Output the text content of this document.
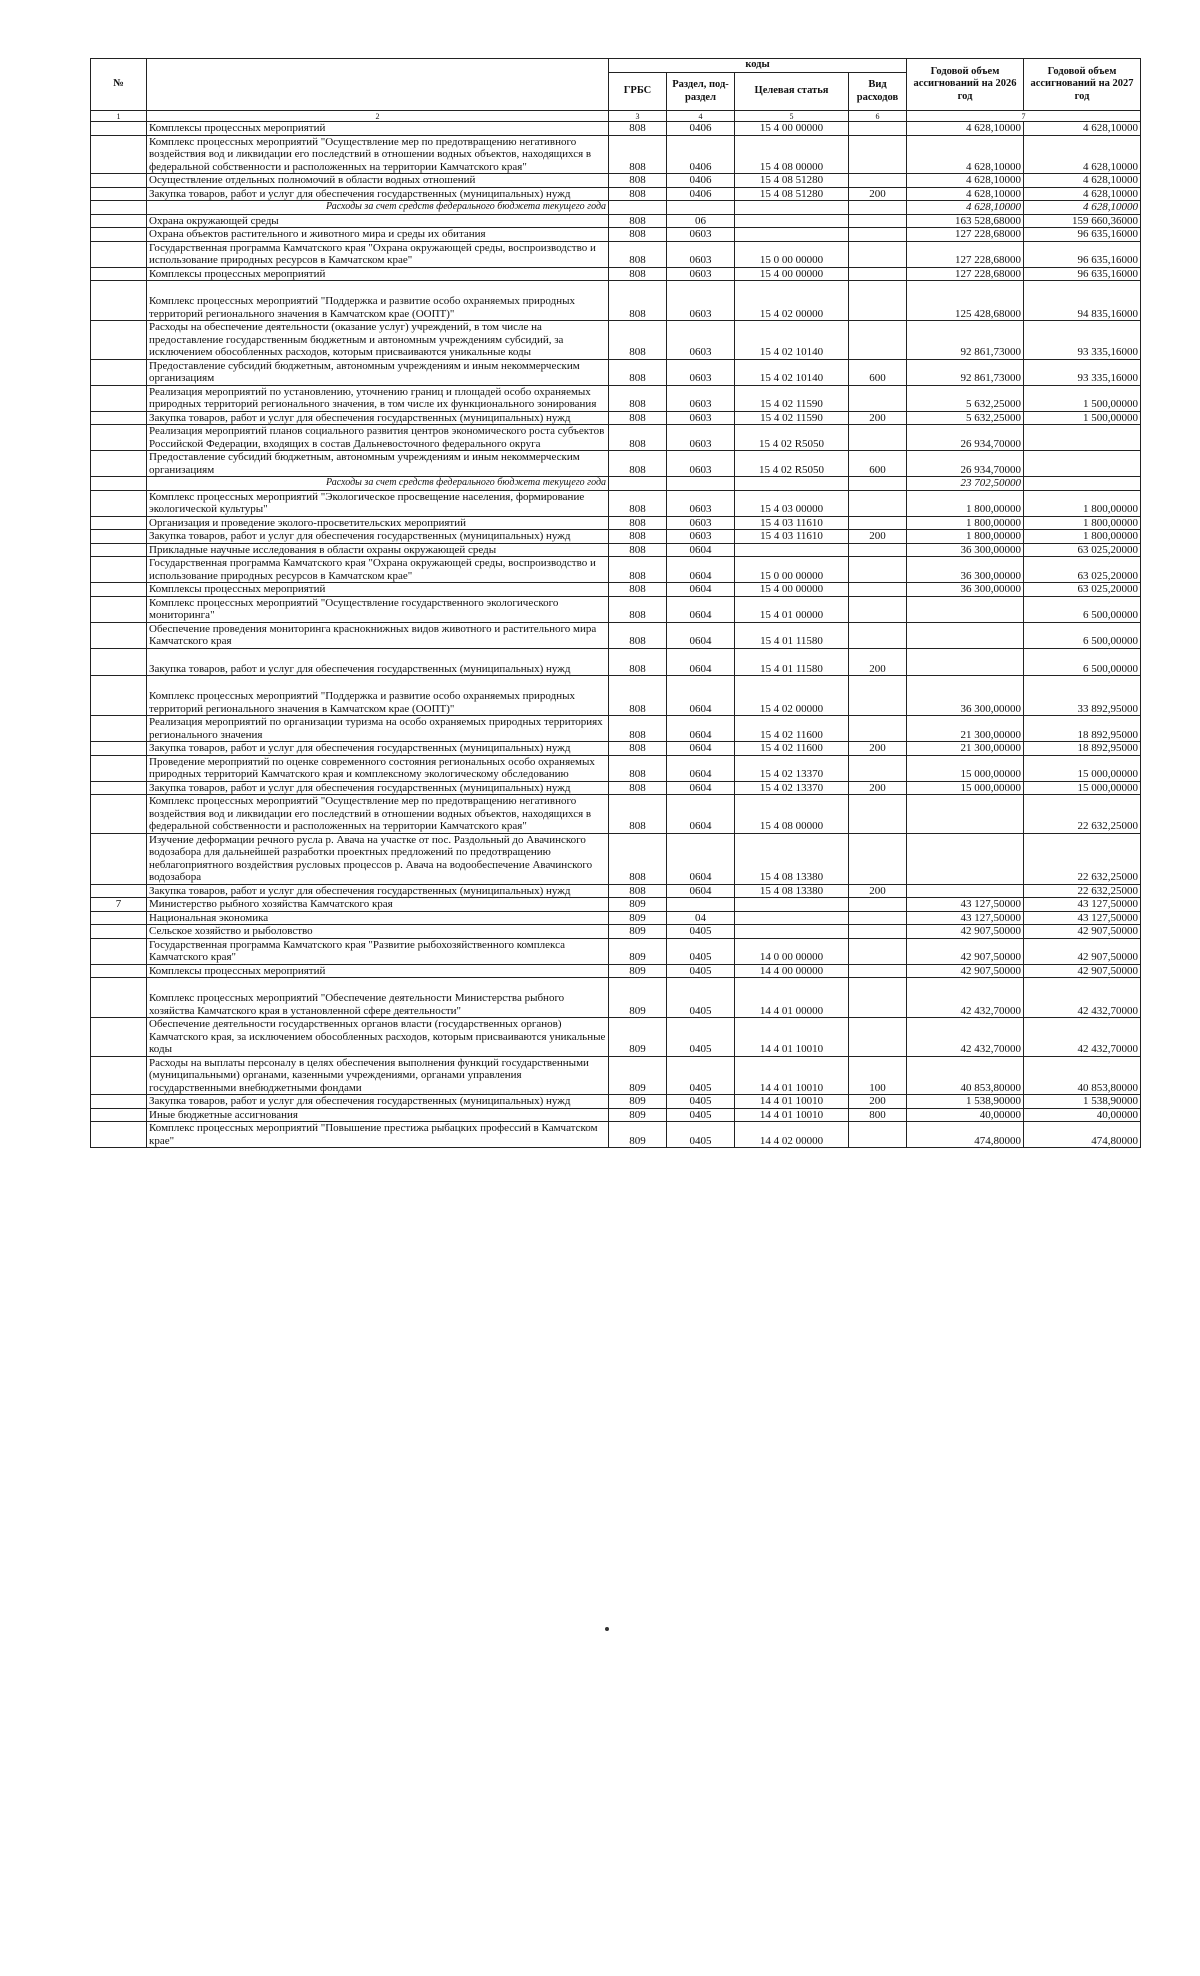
№		коды				Годовой объем ассигнований на 2026 год	Годовой объем ассигнований на 2027 год
		ГРБС	Раздел, под-раздел	Целевая статья	Вид расходов		
1	2	3	4	5	6	7	
	Комплексы процессных мероприятий	808	0406	15 4 00 00000		4 628,10000	4 628,10000
	Комплекс процессных мероприятий "Осуществление мер по предотвращению негативного воздействия вод и ликвидации его последствий в отношении водных объектов, находящихся в федеральной собственности и расположенных на территории Камчатского края"	808	0406	15 4 08 00000		4 628,10000	4 628,10000
	Осуществление отдельных полномочий в области водных отношений	808	0406	15 4 08 51280		4 628,10000	4 628,10000
	Закупка товаров, работ и услуг для обеспечения государственных (муниципальных) нужд	808	0406	15 4 08 51280	200	4 628,10000	4 628,10000
	Расходы за счет средств федерального бюджета текущего года					4 628,10000	4 628,10000
	Охрана окружающей среды	808	06			163 528,68000	159 660,36000
	Охрана объектов растительного и животного мира и среды их обитания	808	0603			127 228,68000	96 635,16000
	Государственная программа Камчатского края "Охрана окружающей среды, воспроизводство и использование природных ресурсов в Камчатском крае"	808	0603	15 0 00 00000		127 228,68000	96 635,16000
	Комплексы процессных мероприятий	808	0603	15 4 00 00000		127 228,68000	96 635,16000
	Комплекс процессных мероприятий "Поддержка и развитие особо охраняемых природных территорий регионального значения в Камчатском крае (ООПТ)"	808	0603	15 4 02 00000		125 428,68000	94 835,16000
	Расходы на обеспечение деятельности (оказание услуг) учреждений, в том числе на предоставление государственным бюджетным и автономным учреждениям субсидий, за исключением обособленных расходов, которым присваиваются уникальные коды	808	0603	15 4 02 10140		92 861,73000	93 335,16000
	Предоставление субсидий бюджетным, автономным учреждениям и иным некоммерческим организациям	808	0603	15 4 02 10140	600	92 861,73000	93 335,16000
	Реализация мероприятий по установлению, уточнению границ и площадей особо охраняемых природных территорий регионального значения, в том числе их функционального зонирования	808	0603	15 4 02 11590		5 632,25000	1 500,00000
	Закупка товаров, работ и услуг для обеспечения государственных (муниципальных) нужд	808	0603	15 4 02 11590	200	5 632,25000	1 500,00000
	Реализация мероприятий планов социального развития центров экономического роста субъектов Российской Федерации, входящих в состав Дальневосточного федерального округа	808	0603	15 4 02 R5050		26 934,70000	
	Предоставление субсидий бюджетным, автономным учреждениям и иным некоммерческим организациям	808	0603	15 4 02 R5050	600	26 934,70000	
	Расходы за счет средств федерального бюджета текущего года					23 702,50000	
	Комплекс процессных мероприятий "Экологическое просвещение населения, формирование экологической культуры"	808	0603	15 4 03 00000		1 800,00000	1 800,00000
	Организация и проведение эколого-просветительских мероприятий	808	0603	15 4 03 11610		1 800,00000	1 800,00000
	Закупка товаров, работ и услуг для обеспечения государственных (муниципальных) нужд	808	0603	15 4 03 11610	200	1 800,00000	1 800,00000
	Прикладные научные исследования в области охраны окружающей среды	808	0604			36 300,00000	63 025,20000
	Государственная программа Камчатского края "Охрана окружающей среды, воспроизводство и использование природных ресурсов в Камчатском крае"	808	0604	15 0 00 00000		36 300,00000	63 025,20000
	Комплексы процессных мероприятий	808	0604	15 4 00 00000		36 300,00000	63 025,20000
	Комплекс процессных мероприятий "Осуществление государственного экологического мониторинга"	808	0604	15 4 01 00000			6 500,00000
	Обеспечение проведения мониторинга краснокнижных видов животного и растительного мира Камчатского края	808	0604	15 4 01 11580			6 500,00000
	Закупка товаров, работ и услуг для обеспечения государственных (муниципальных) нужд	808	0604	15 4 01 11580	200		6 500,00000
	Комплекс процессных мероприятий "Поддержка и развитие особо охраняемых природных территорий регионального значения в Камчатском крае (ООПТ)"	808	0604	15 4 02 00000		36 300,00000	33 892,95000
	Реализация мероприятий по организации туризма на особо охраняемых природных территориях регионального значения	808	0604	15 4 02 11600		21 300,00000	18 892,95000
	Закупка товаров, работ и услуг для обеспечения государственных (муниципальных) нужд	808	0604	15 4 02 11600	200	21 300,00000	18 892,95000
	Проведение мероприятий по оценке современного состояния региональных особо охраняемых природных территорий Камчатского края и комплексному экологическому обследованию	808	0604	15 4 02 13370		15 000,00000	15 000,00000
	Закупка товаров, работ и услуг для обеспечения государственных (муниципальных) нужд	808	0604	15 4 02 13370	200	15 000,00000	15 000,00000
	Комплекс процессных мероприятий "Осуществление мер по предотвращению негативного воздействия вод и ликвидации его последствий в отношении водных объектов, находящихся в федеральной собственности и расположенных на территории Камчатского края"	808	0604	15 4 08 00000			22 632,25000
	Изучение деформации речного русла р. Авача на участке от пос. Раздольный до Авачинского водозабора для дальнейшей разработки проектных предложений по предотвращению неблагоприятного воздействия русловых процессов р. Авача на водообеспечение Авачинского водозабора	808	0604	15 4 08 13380			22 632,25000
	Закупка товаров, работ и услуг для обеспечения государственных (муниципальных) нужд	808	0604	15 4 08 13380	200		22 632,25000
7	Министерство рыбного хозяйства Камчатского края	809				43 127,50000	43 127,50000
	Национальная экономика	809	04			43 127,50000	43 127,50000
	Сельское хозяйство и рыболовство	809	0405			42 907,50000	42 907,50000
	Государственная программа Камчатского края "Развитие рыбохозяйственного комплекса Камчатского края"	809	0405	14 0 00 00000		42 907,50000	42 907,50000
	Комплексы процессных мероприятий	809	0405	14 4 00 00000		42 907,50000	42 907,50000
	Комплекс процессных мероприятий "Обеспечение деятельности Министерства рыбного хозяйства Камчатского края в установленной сфере деятельности"	809	0405	14 4 01 00000		42 432,70000	42 432,70000
	Обеспечение деятельности государственных органов власти (государственных органов) Камчатского края, за исключением обособленных расходов, которым присваиваются уникальные коды	809	0405	14 4 01 10010		42 432,70000	42 432,70000
	Расходы на выплаты персоналу в целях обеспечения выполнения функций государственными (муниципальными) органами, казенными учреждениями, органами управления государственными внебюджетными фондами	809	0405	14 4 01 10010	100	40 853,80000	40 853,80000
	Закупка товаров, работ и услуг для обеспечения государственных (муниципальных) нужд	809	0405	14 4 01 10010	200	1 538,90000	1 538,90000
	Иные бюджетные ассигнования	809	0405	14 4 01 10010	800	40,00000	40,00000
	Комплекс процессных мероприятий "Повышение престижа рыбацких профессий в Камчатском крае"	809	0405	14 4 02 00000		474,80000	474,80000
